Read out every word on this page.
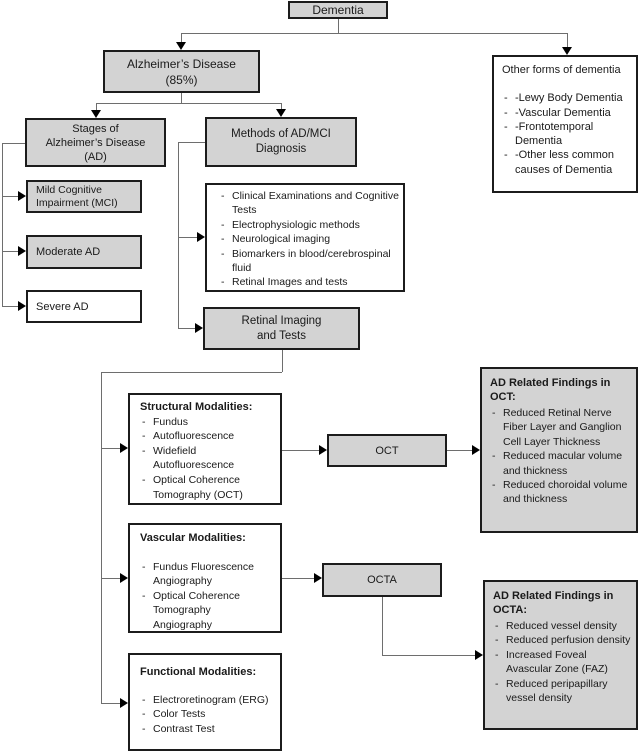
Dementia
Alzheimer’s Disease
(85%)
Other forms of dementia
- -Lewy Body Dementia
- -Vascular Dementia
- -Frontotemporal Dementia
- -Other less common causes of Dementia
Stages of
Alzheimer’s Disease
(AD)
Mild Cognitive Impairment (MCI)
Moderate AD
Severe AD
Methods of AD/MCI
Diagnosis
- Clinical Examinations and Cognitive Tests
- Electrophysiologic methods
- Neurological imaging
- Biomarkers in blood/cerebrospinal fluid
- Retinal Images and tests
Retinal Imaging
and Tests
Structural Modalities:
- Fundus
- Autofluorescence
- Widefield Autofluorescence
- Optical Coherence Tomography (OCT)
OCT
AD Related Findings in OCT:
- Reduced Retinal Nerve Fiber Layer and Ganglion Cell Layer Thickness
- Reduced macular volume and thickness
- Reduced choroidal volume and thickness
Vascular Modalities:
- Fundus Fluorescence Angiography
- Optical Coherence Tomography Angiography
OCTA
AD Related Findings in OCTA:
- Reduced vessel density
- Reduced perfusion density
- Increased Foveal Avascular Zone (FAZ)
- Reduced peripapillary vessel density
Functional Modalities:
- Electroretinogram (ERG)
- Color Tests
- Contrast Test
